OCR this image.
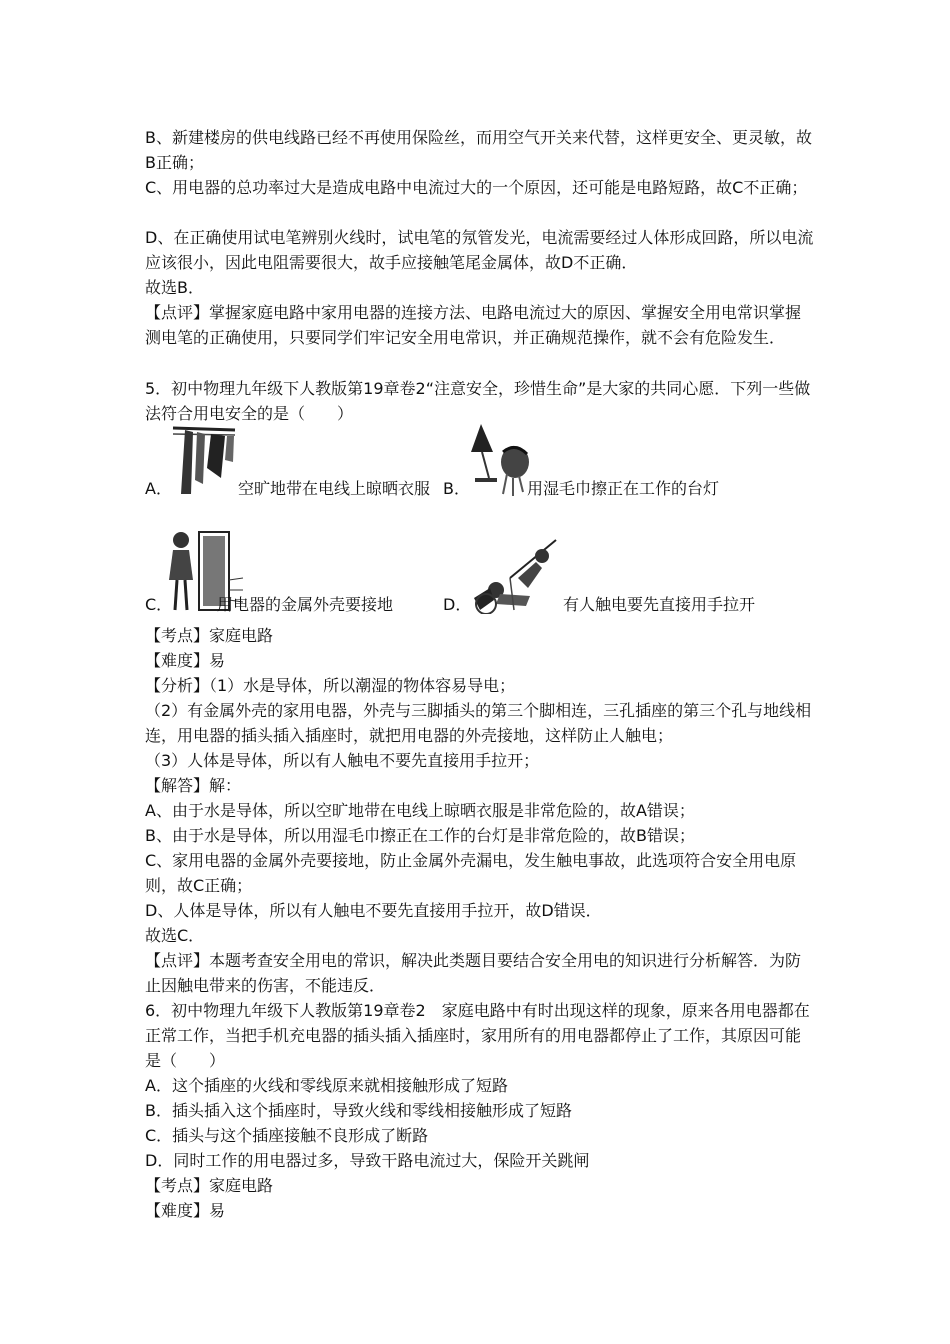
B、新建楼房的供电线路已经不再使用保险丝，而用空气开关来代替，这样更安全、更灵敏，故B正确；

C、用电器的总功率过大是造成电路中电流过大的一个原因，还可能是电路短路，故C不正确；

D、在正确使用试电笔辨别火线时，试电笔的氖管发光，电流需要经过人体形成回路，所以电流应该很小，因此电阻需要很大，故手应接触笔尾金属体，故D不正确．

故选B．

【点评】掌握家庭电路中家用电器的连接方法、电路电流过大的原因、掌握安全用电常识掌握测电笔的正确使用，只要同学们牢记安全用电常识，并正确规范操作，就不会有危险发生．

5．初中物理九年级下人教版第19章卷2“注意安全，珍惜生命”是大家的共同心愿．下列一些做法符合用电安全的是（　　）

A．	空旷地带在电线上晾晒衣服 B．	用湿毛巾擦正在工作的台灯
C．	用电器的金属外壳要接地	D．	有人触电要先直接用手拉开

【考点】家庭电路

【难度】易

【分析】（1）水是导体，所以潮湿的物体容易导电；

（2）有金属外壳的家用电器，外壳与三脚插头的第三个脚相连，三孔插座的第三个孔与地线相连，用电器的插头插入插座时，就把用电器的外壳接地，这样防止人触电；

（3）人体是导体，所以有人触电不要先直接用手拉开；

【解答】解：

A、由于水是导体，所以空旷地带在电线上晾晒衣服是非常危险的，故A错误；

B、由于水是导体，所以用湿毛巾擦正在工作的台灯是非常危险的，故B错误；

C、家用电器的金属外壳要接地，防止金属外壳漏电，发生触电事故，此选项符合安全用电原则，故C正确；

D、人体是导体，所以有人触电不要先直接用手拉开，故D错误．

故选C．

【点评】本题考查安全用电的常识，解决此类题目要结合安全用电的知识进行分析解答．为防止因触电带来的伤害，不能违反．

6．初中物理九年级下人教版第19章卷2　家庭电路中有时出现这样的现象，原来各用电器都在正常工作，当把手机充电器的插头插入插座时，家用所有的用电器都停止了工作，其原因可能是（　　）

A．这个插座的火线和零线原来就相接触形成了短路

B．插头插入这个插座时，导致火线和零线相接触形成了短路

C．插头与这个插座接触不良形成了断路

D．同时工作的用电器过多，导致干路电流过大，保险开关跳闸

【考点】家庭电路

【难度】易
